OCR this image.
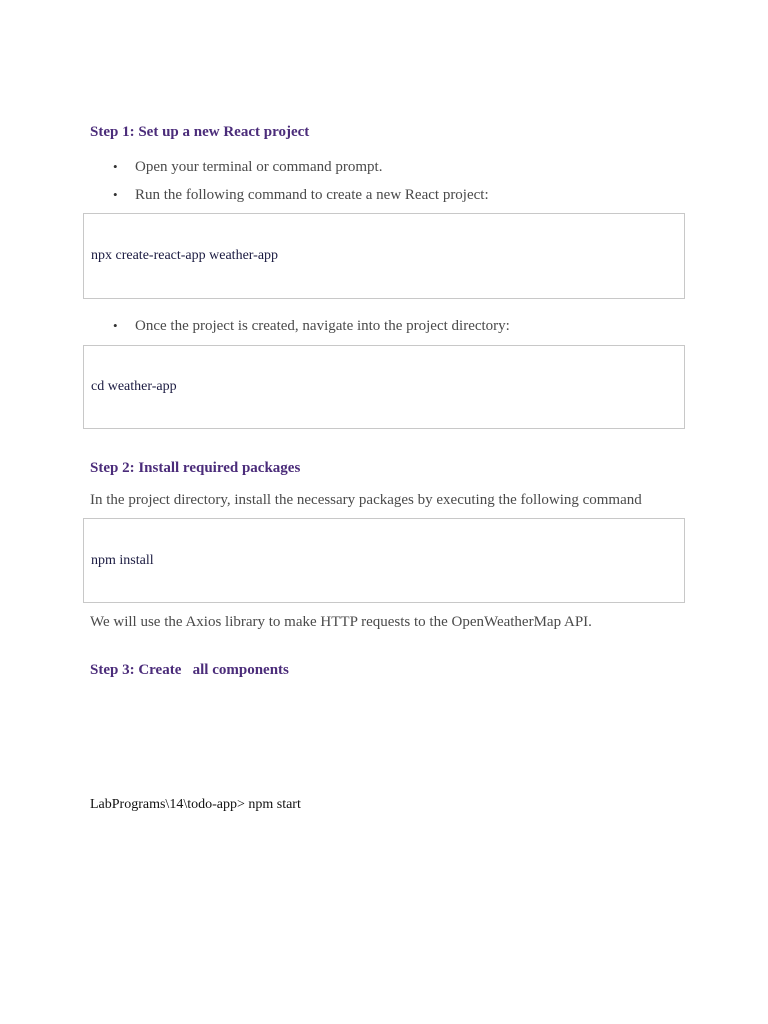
Step 1: Set up a new React project
• Open your terminal or command prompt.
• Run the following command to create a new React project:
npx create-react-app weather-app
• Once the project is created, navigate into the project directory:
cd weather-app
Step 2: Install required packages
In the project directory, install the necessary packages by executing the following command
npm install
We will use the Axios library to make HTTP requests to the OpenWeatherMap API.
Step 3: Create   all components
LabPrograms\14\todo-app> npm start
